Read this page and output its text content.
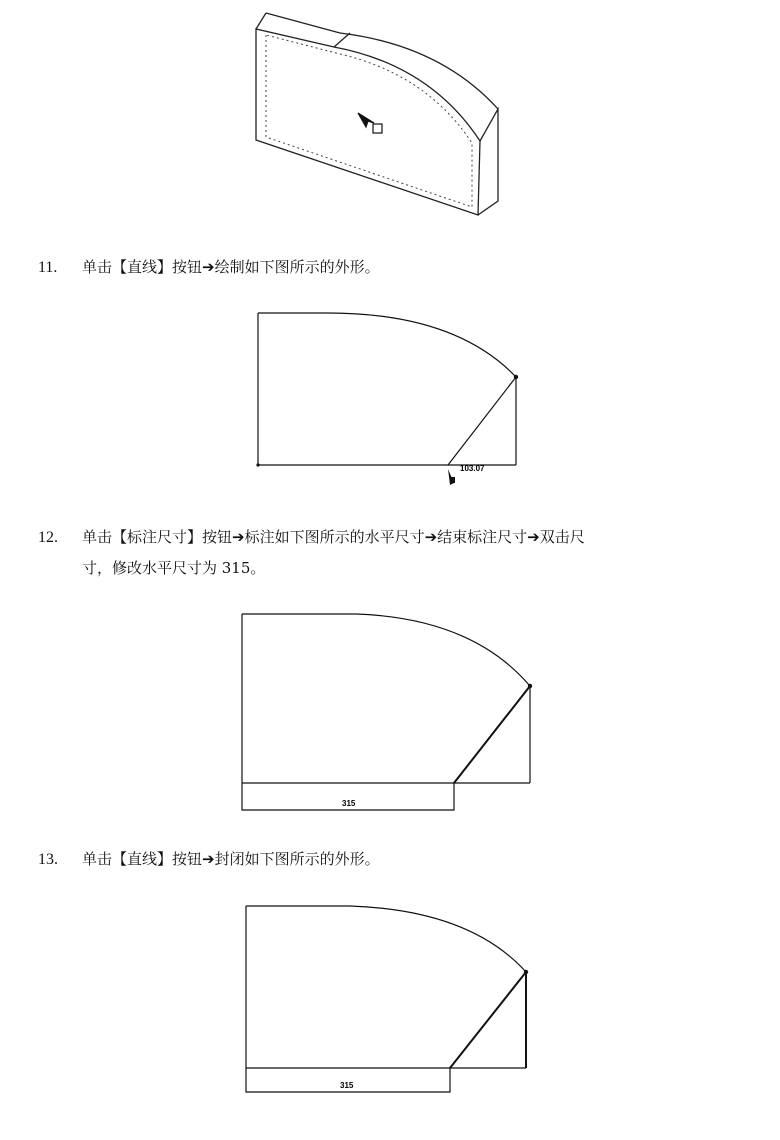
11. 单击【直线】按钮➔绘制如下图所示的外形。
103.07
12. 单击【标注尺寸】按钮➔标注如下图所示的水平尺寸➔结束标注尺寸➔双击尺
寸，修改水平尺寸为 315。
315
13. 单击【直线】按钮➔封闭如下图所示的外形。
315
